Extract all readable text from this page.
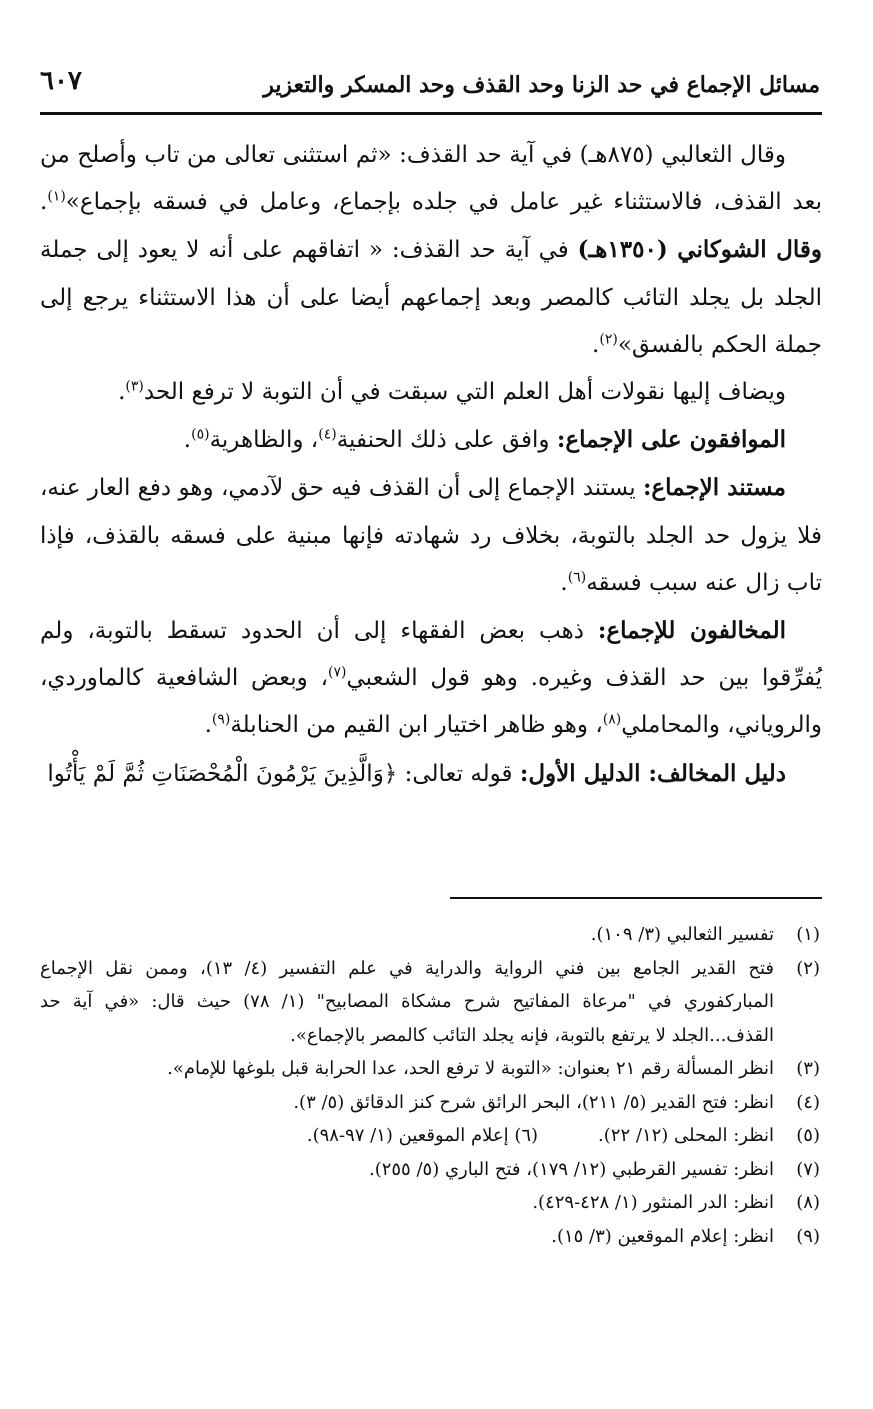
مسائل الإجماع في حد الزنا وحد القذف وحد المسكر والتعزير
٦٠٧

وقال الثعالبي (٨٧٥هـ) في آية حد القذف: «ثم استثنى تعالى من تاب وأصلح من بعد القذف، فالاستثناء غير عامل في جلده بإجماع، وعامل في فسقه بإجماع»$^{(١)}$. وقال الشوكاني (١٣٥٠هـ) في آية حد القذف: « اتفاقهم على أنه لا يعود إلى جملة الجلد بل يجلد التائب كالمصر وبعد إجماعهم أيضا على أن هذا الاستثناء يرجع إلى جملة الحكم بالفسق»$^{(٢)}$.

ويضاف إليها نقولات أهل العلم التي سبقت في أن التوبة لا ترفع الحد$^{(٣)}$.

الموافقون على الإجماع: وافق على ذلك الحنفية$^{(٤)}$، والظاهرية$^{(٥)}$.

مستند الإجماع: يستند الإجماع إلى أن القذف فيه حق لآدمي، وهو دفع العار عنه، فلا يزول حد الجلد بالتوبة، بخلاف رد شهادته فإنها مبنية على فسقه بالقذف، فإذا تاب زال عنه سبب فسقه$^{(٦)}$.

المخالفون للإجماع: ذهب بعض الفقهاء إلى أن الحدود تسقط بالتوبة، ولم يُفرِّقوا بين حد القذف وغيره. وهو قول الشعبي$^{(٧)}$، وبعض الشافعية كالماوردي، والروياني، والمحاملي$^{(٨)}$، وهو ظاهر اختيار ابن القيم من الحنابلة$^{(٩)}$.

دليل المخالف: الدليل الأول: قوله تعالى: ﴿وَالَّذِينَ يَرْمُونَ الْمُحْصَنَاتِ ثُمَّ لَمْ يَأْتُوا

(١)
تفسير الثعالبي (٣/ ١٠٩).
(٢)
فتح القدير الجامع بين فني الرواية والدراية في علم التفسير (٤/ ١٣)، وممن نقل الإجماع المباركفوري في "مرعاة المفاتيح شرح مشكاة المصابيح" (١/ ٧٨) حيث قال: «في آية حد القذف...الجلد لا يرتفع بالتوبة، فإنه يجلد التائب كالمصر بالإجماع».
(٣)
انظر المسألة رقم ٢١ بعنوان: «التوبة لا ترفع الحد، عدا الحرابة قبل بلوغها للإمام».
(٤)
انظر: فتح القدير (٥/ ٢١١)، البحر الرائق شرح كنز الدقائق (٥/ ٣).
(٥)
انظر: المحلى (١٢/ ٢٢).(٦) إعلام الموقعين (١/ ٩٧-٩٨).
(٧)
انظر: تفسير القرطبي (١٢/ ١٧٩)، فتح الباري (٥/ ٢٥٥).
(٨)
انظر: الدر المنثور (١/ ٤٢٨-٤٢٩).
(٩)
انظر: إعلام الموقعين (٣/ ١٥).
